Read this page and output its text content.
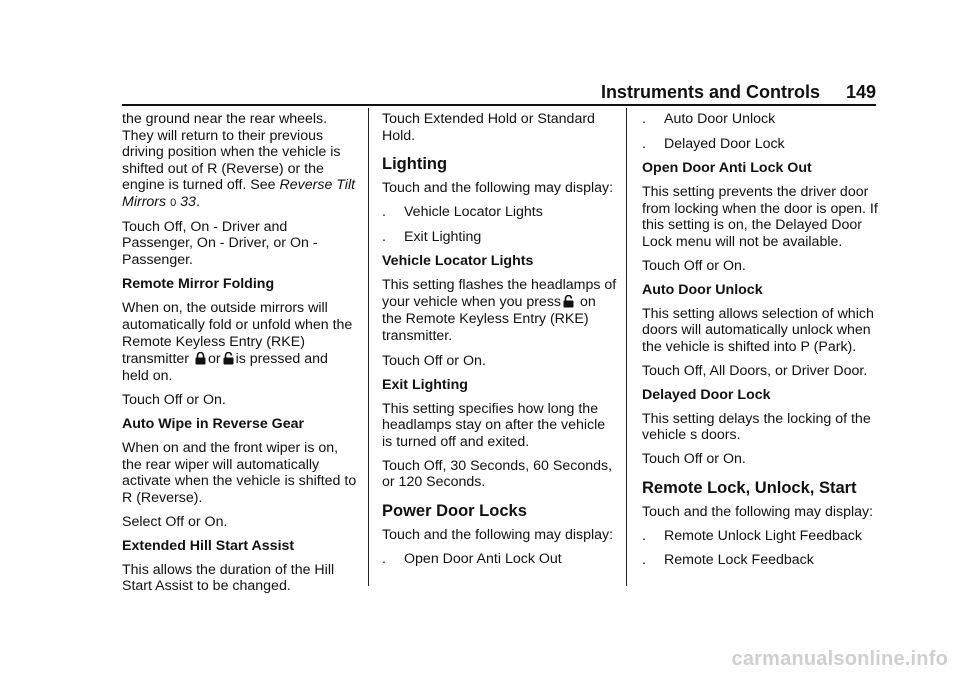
Instruments and Controls 149

the ground near the rear wheels. They will return to their previous driving position when the vehicle is shifted out of R (Reverse) or the engine is turned off. See Reverse Tilt Mirrors 0 33.

Touch Off, On - Driver and Passenger, On - Driver, or On - Passenger.

Remote Mirror Folding

When on, the outside mirrors will automatically fold or unfold when the Remote Keyless Entry (RKE) transmitter or is pressed and held on.

Touch Off or On.

Auto Wipe in Reverse Gear

When on and the front wiper is on, the rear wiper will automatically activate when the vehicle is shifted to R (Reverse).

Select Off or On.

Extended Hill Start Assist

This allows the duration of the Hill Start Assist to be changed.

Touch Extended Hold or Standard Hold.

Lighting

Touch and the following may display:

.	Vehicle Locator Lights
.	Exit Lighting

Vehicle Locator Lights

This setting flashes the headlamps of your vehicle when you press on the Remote Keyless Entry (RKE) transmitter.

Touch Off or On.

Exit Lighting

This setting specifies how long the headlamps stay on after the vehicle is turned off and exited.

Touch Off, 30 Seconds, 60 Seconds, or 120 Seconds.

Power Door Locks

Touch and the following may display:

.	Open Door Anti Lock Out
.	Auto Door Unlock
.	Delayed Door Lock

Open Door Anti Lock Out

This setting prevents the driver door from locking when the door is open. If this setting is on, the Delayed Door Lock menu will not be available.

Touch Off or On.

Auto Door Unlock

This setting allows selection of which doors will automatically unlock when the vehicle is shifted into P (Park).

Touch Off, All Doors, or Driver Door.

Delayed Door Lock

This setting delays the locking of the vehicle s doors.

Touch Off or On.

Remote Lock, Unlock, Start

Touch and the following may display:

.	Remote Unlock Light Feedback
.	Remote Lock Feedback
carmanualsonline.info
